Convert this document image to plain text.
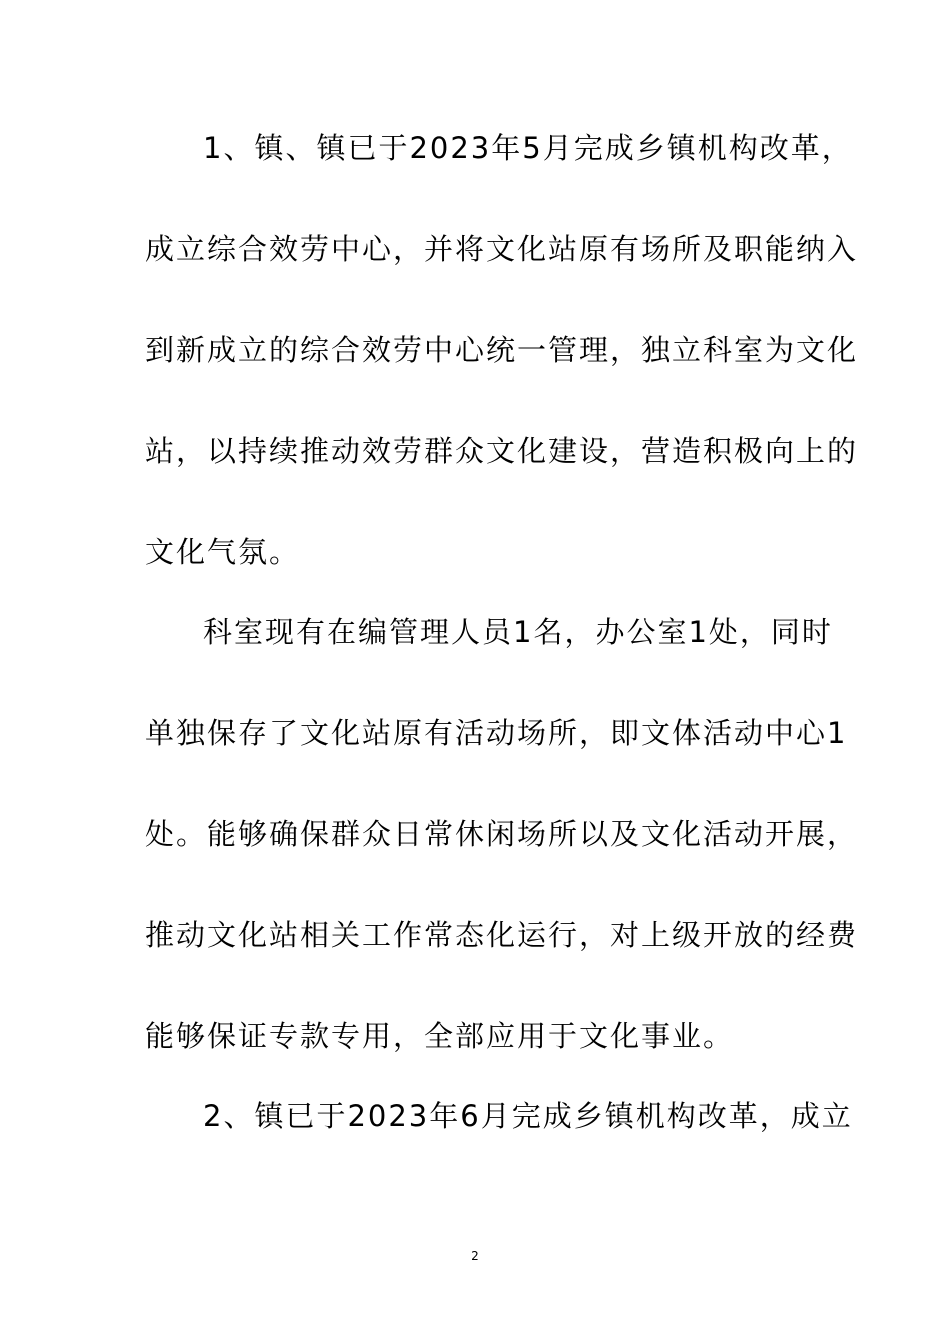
1、镇、镇已于2023年5月完成乡镇机构改革，
成立综合效劳中心，并将文化站原有场所及职能纳入
到新成立的综合效劳中心统一管理，独立科室为文化
站，以持续推动效劳群众文化建设，营造积极向上的
文化气氛。
科室现有在编管理人员1名，办公室1处，同时
单独保存了文化站原有活动场所，即文体活动中心1
处。能够确保群众日常休闲场所以及文化活动开展，
推动文化站相关工作常态化运行，对上级开放的经费
能够保证专款专用，全部应用于文化事业。
2、镇已于2023年6月完成乡镇机构改革，成立
2
